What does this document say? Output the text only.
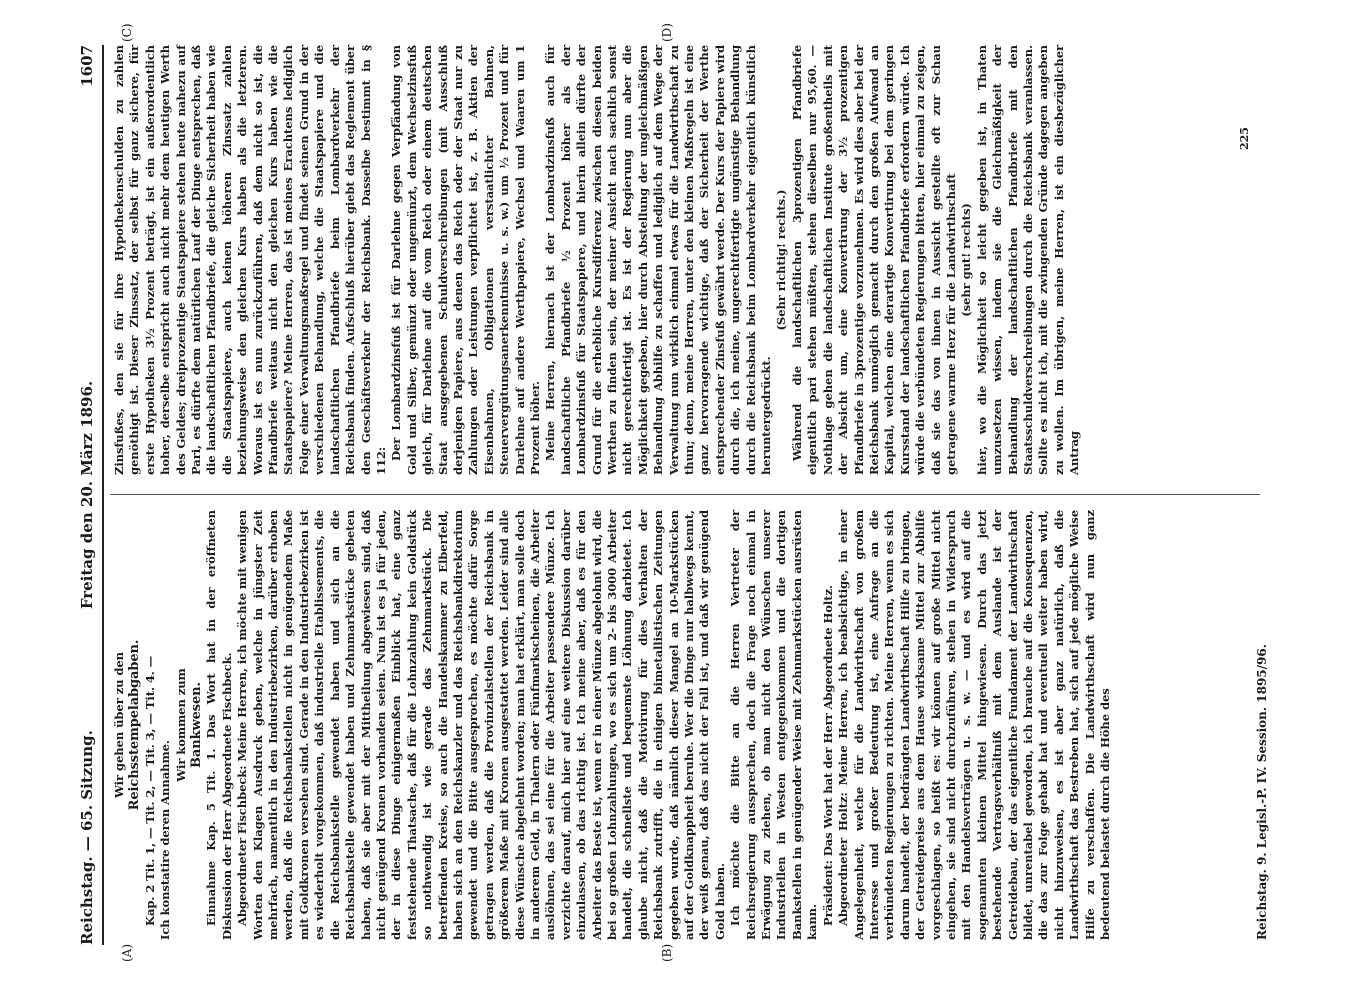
Reichstag. — 65. Sitzung.
Freitag den 20. März 1896.
1607
(A)	(B)
(C)	(D)

Wir gehen über zu den Reichsstempelabgaben. Kap. 2 Tit. 1, — Tit. 2, — Tit. 3, — Tit. 4. — Ich konstatire deren Annahme.

Wir kommen zum Bankwesen. Einnahme Kap. 5 Tit. 1. Das Wort hat in der eröffneten Diskussion der Herr Abgeordnete Fischbeck. Abgeordneter Fischbeck: Meine Herren, ich möchte mit wenigen Worten den Klagen Ausdruck geben, welche in jüngster Zeit mehrfach, namentlich in den Industriebezirken, darüber erhoben werden, daß die Reichsbankstellen nicht in genügendem Maße mit Goldkronen versehen sind. Gerade in den Industriebezirken ist es wiederholt vorgekommen, daß industrielle Etablissements, die die Reichsbankstelle gewendet haben und sich an die Reichsbankstelle gewendet haben und Zehnmarkstücke gebeten haben, daß sie aber mit der Mittheilung abgewiesen sind, daß nicht genügend Kronen vorhanden seien. Nun ist es ja für jeden, der in diese Dinge einigermaßen Einblick hat, eine ganz feststehende Thatsache, daß für die Lohnzahlung kein Goldstück so nothwendig ist wie gerade das Zehnmarkstück. Die betreffenden Kreise, so auch die Handelskammer zu Elberfeld, haben sich an den Reichskanzler und das Reichsbankdirektorium gewendet und die Bitte ausgesprochen, es möchte dafür Sorge getragen werden, daß die Provinzialstellen der Reichsbank in größerem Maße mit Kronen ausgestattet werden. Leider sind alle diese Wünsche abgelehnt worden; man hat erklärt, man solle doch in anderem Geld, in Thalern oder Fünfmarkscheinen, die Arbeiter auslöhnen, das sei eine für die Arbeiter passendere Münze. Ich verzichte darauf, mich hier auf eine weitere Diskussion darüber einzulassen, ob das richtig ist. Ich meine aber, daß es für den Arbeiter das Beste ist, wenn er in einer Münze abgelohnt wird, die bei so großen Lohnzahlungen, wo es sich um 2- bis 3000 Arbeiter handelt, die schnellste und bequemste Löhnung darbietet. Ich glaube nicht, daß die Motivirung für dies Verhalten der Reichsbank zutrifft, die in einigen bimetallistischen Zeitungen gegeben wurde, daß nämlich dieser Mangel an 10-Markstücken auf der Goldknappheit beruhe. Wer die Dinge nur halbwegs kennt, der weiß genau, daß das nicht der Fall ist, und daß wir genügend Gold haben. Ich möchte die Bitte an die Herren Vertreter der Reichsregierung aussprechen, doch die Frage noch einmal in Erwägung zu ziehen, ob man nicht den Wünschen unserer Industriellen in Westen entgegenkommen und die dortigen Bankstellen in genügender Weise mit Zehnmarkstücken ausrüsten kann. Präsident: Das Wort hat der Herr Abgeordnete Holtz. Abgeordneter Holtz: Meine Herren, ich beabsichtige, in einer Angelegenheit, welche für die Landwirthschaft von großem Interesse und großer Bedeutung ist, eine Anfrage an die verbündeten Regierungen zu richten. Meine Herren, wenn es sich darum handelt, der bedrängten Landwirthschaft Hilfe zu bringen, der Getreidepreise aus dem Hause wirksame Mittel zur Abhilfe vorgeschlagen, so heißt es: wir können auf große Mittel nicht eingehen, sie sind nicht durchzuführen, stehen in Widerspruch mit den Handelsverträgen u. s. w. — und es wird auf die sogenannten kleinen Mittel hingewiesen. Durch das jetzt bestehende Vertragsverhältniß mit dem Auslande ist der Getreidebau, der das eigentliche Fundament der Landwirthschaft bildet, unrentabel geworden, ich brauche auf die Konsequenzen, die das zur Folge gehabt hat und eventuell weiter haben wird, nicht hinzuweisen, es ist aber ganz natürlich, daß die Landwirthschaft das Bestreben hat, sich auf jede mögliche Weise Hilfe zu verschaffen. Die Landwirthschaft wird nun ganz bedeutend belastet durch die Höhe des

Zinsfußes, den sie für ihre Hypothekenschulden zu zahlen genöthigt ist. Dieser Zinssatz, der selbst für ganz sichere, für erste Hypotheken 3½ Prozent beträgt, ist ein außerordentlich hoher, derselbe entspricht auch nicht mehr dem heutigen Werth des Geldes; dreiprozentige Staatspapiere stehen heute nahezu auf Pari, es dürfte dem natürlichen Lauf der Dinge entsprechen, daß die landschaftlichen Pfandbriefe, die gleiche Sicherheit haben wie die Staatspapiere, auch keinen höheren Zinssatz zahlen beziehungsweise den gleichen Kurs haben als die letzteren. Woraus ist es nun zurückzuführen, daß dem nicht so ist, die Pfandbriefe weitaus nicht den gleichen Kurs haben wie die Staatspapiere? Meine Herren, das ist meines Erachtens lediglich Folge einer Verwaltungsmaßregel und findet seinen Grund in der verschiedenen Behandlung, welche die Staatspapiere und die landschaftlichen Pfandbriefe beim Lombardverkehr der Reichsbank finden. Aufschluß hierüber giebt das Reglement über den Geschäftsverkehr der Reichsbank. Dasselbe bestimmt in § 112: Der Lombardzinsfuß ist für Darlehne gegen Verpfändung von Gold und Silber, gemünzt oder ungemünzt, dem Wechselzinsfuß gleich, für Darlehne auf die vom Reich oder einem deutschen Staat ausgegebenen Schuldverschreibungen (mit Ausschluß derjenigen Papiere, aus denen das Reich oder der Staat nur zu Zahlungen oder Leistungen verpflichtet ist, z. B. Aktien der Eisenbahnen, Obligationen verstaatlichter Bahnen, Steuervergütungsanerkenntnisse u. s. w.) um ½ Prozent und für Darlehne auf andere Werthpapiere, Wechsel und Waaren um 1 Prozent höher. Meine Herren, hiernach ist der Lombardzinsfuß auch für landschaftliche Pfandbriefe ½ Prozent höher als der Lombardzinsfuß für Staatspapiere, und hierin allein dürfte der Grund für die erhebliche Kursdifferenz zwischen diesen beiden Werthen zu finden sein, der meiner Ansicht nach sachlich sonst nicht gerechtfertigt ist. Es ist der Regierung nun aber die Möglichkeit gegeben, hier durch Abstellung der ungleichmäßigen Behandlung Abhilfe zu schaffen und lediglich auf dem Wege der Verwaltung nun wirklich einmal etwas für die Landwirthschaft zu thun; denn, meine Herren, unter den kleinen Maßregeln ist eine ganz hervorragende wichtige, daß der Sicherheit der Werthe entsprechender Zinsfuß gewährt werde. Der Kurs der Papiere wird durch die, ich meine, ungerechtfertigte ungünstige Behandlung durch die Reichsbank beim Lombardverkehr eigentlich künstlich heruntergedrückt.

(Sehr richtig! rechts.) Während die landschaftlichen 3prozentigen Pfandbriefe eigentlich pari stehen müßten, stehen dieselben nur 95,60. — Nothlage gehen die landschaftlichen Institute großentheils mit der Absicht um, eine Konvertirung der 3½ prozentigen Pfandbriefe in 3prozentige vorzunehmen. Es wird dies aber bei der Reichsbank unmöglich gemacht durch den großen Aufwand an Kapital, welchen eine derartige Konvertirung bei dem geringen Kursstand der landschaftlichen Pfandbriefe erfordern würde. Ich würde die verbündeten Regierungen bitten, hier einmal zu zeigen, daß sie das von ihnen in Aussicht gestellte oft zur Schau getragene warme Herz für die Landwirthschaft (sehr gut! rechts) hier, wo die Möglichkeit so leicht gegeben ist, in Thaten umzusetzen wissen, indem sie die Gleichmäßigkeit der Behandlung der landschaftlichen Pfandbriefe mit den Staatsschuldverschreibungen durch die Reichsbank veranlassen. Sollte es nicht ich, mit die zwingenden Gründe dagegen angeben zu wollen. Im übrigen, meine Herren, ist ein diesbezüglicher Antrag

Reichstag. 9. Legisl.-P. IV. Session. 1895/96.
225
